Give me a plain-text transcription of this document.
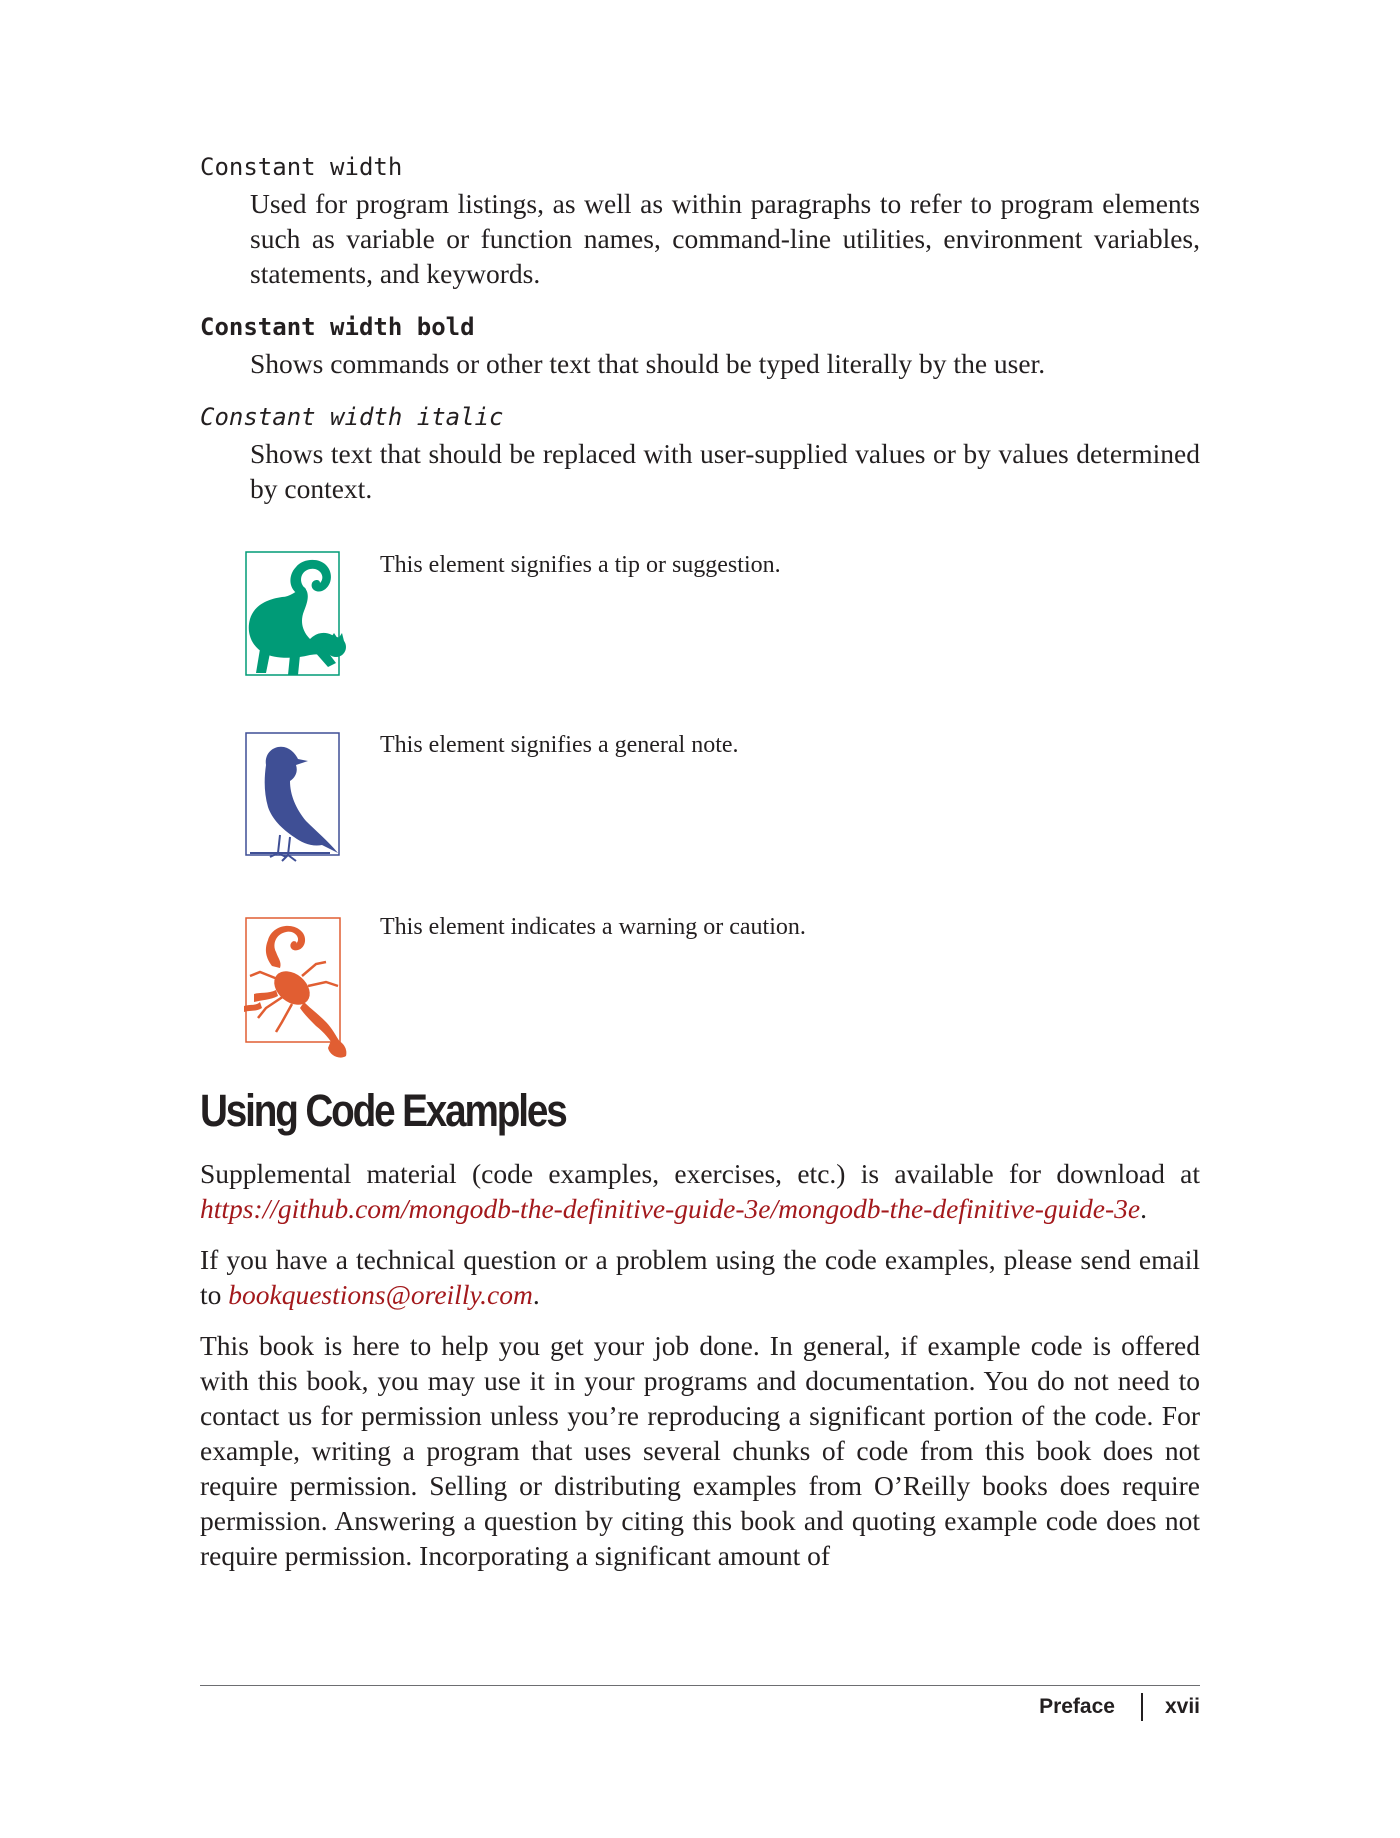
Constant width

Used for program listings, as well as within paragraphs to refer to program elements such as variable or function names, command-line utilities, environment variables, statements, and keywords.

Constant width bold

Shows commands or other text that should be typed literally by the user.

Constant width italic

Shows text that should be replaced with user-supplied values or by values determined by context.

This element signifies a tip or suggestion.

This element signifies a general note.

This element indicates a warning or caution.

Using Code Examples

Supplemental material (code examples, exercises, etc.) is available for download at https://github.com/mongodb-the-definitive-guide-3e/mongodb-the-definitive-guide-3e.

If you have a technical question or a problem using the code examples, please send email to bookquestions@oreilly.com.

This book is here to help you get your job done. In general, if example code is offered with this book, you may use it in your programs and documentation. You do not need to contact us for permission unless you’re reproducing a significant portion of the code. For example, writing a program that uses several chunks of code from this book does not require permission. Selling or distributing examples from O’Reilly books does require permission. Answering a question by citing this book and quoting example code does not require permission. Incorporating a significant amount of

Preface xvii
